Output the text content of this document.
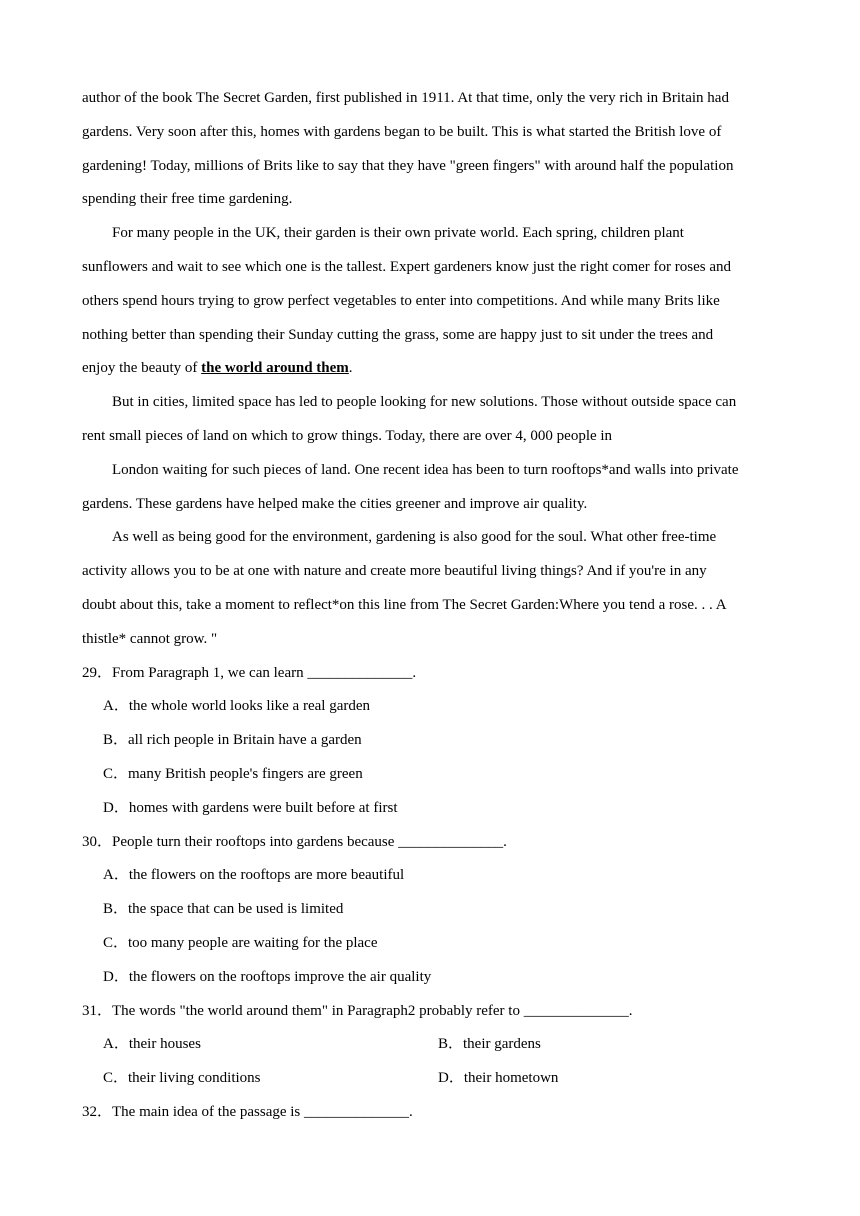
author of the book The Secret Garden, first published in 1911. At that time, only the very rich in Britain had
gardens. Very soon after this, homes with gardens began to be built. This is what started the British love of
gardening! Today, millions of Brits like to say that they have "green fingers" with around half the population
spending their free time gardening.
For many people in the UK, their garden is their own private world. Each spring, children plant
sunflowers and wait to see which one is the tallest. Expert gardeners know just the right comer for roses and
others spend hours trying to grow perfect vegetables to enter into competitions. And while many Brits like
nothing better than spending their Sunday cutting the grass, some are happy just to sit under the trees and
enjoy the beauty of the world around them.
But in cities, limited space has led to people looking for new solutions. Those without outside space can
rent small pieces of land on which to grow things. Today, there are over 4, 000 people in
London waiting for such pieces of land. One recent idea has been to turn rooftops*and walls into private
gardens. These gardens have helped make the cities greener and improve air quality.
As well as being good for the environment, gardening is also good for the soul. What other free-time
activity allows you to be at one with nature and create more beautiful living things? And if you're in any
doubt about this, take a moment to reflect*on this line from The Secret Garden:Where you tend a rose. . . A
thistle* cannot grow. "
29．From Paragraph 1, we can learn ______________.
A．the whole world looks like a real garden
B．all rich people in Britain have a garden
C．many British people's fingers are green
D．homes with gardens were built before at first
30．People turn their rooftops into gardens because ______________.
A．the flowers on the rooftops are more beautiful
B．the space that can be used is limited
C．too many people are waiting for the place
D．the flowers on the rooftops improve the air quality
31．The words "the world around them" in Paragraph2 probably refer to ______________.
A．their houses	B．their gardens
C．their living conditions	D．their hometown
32．The main idea of the passage is ______________.
